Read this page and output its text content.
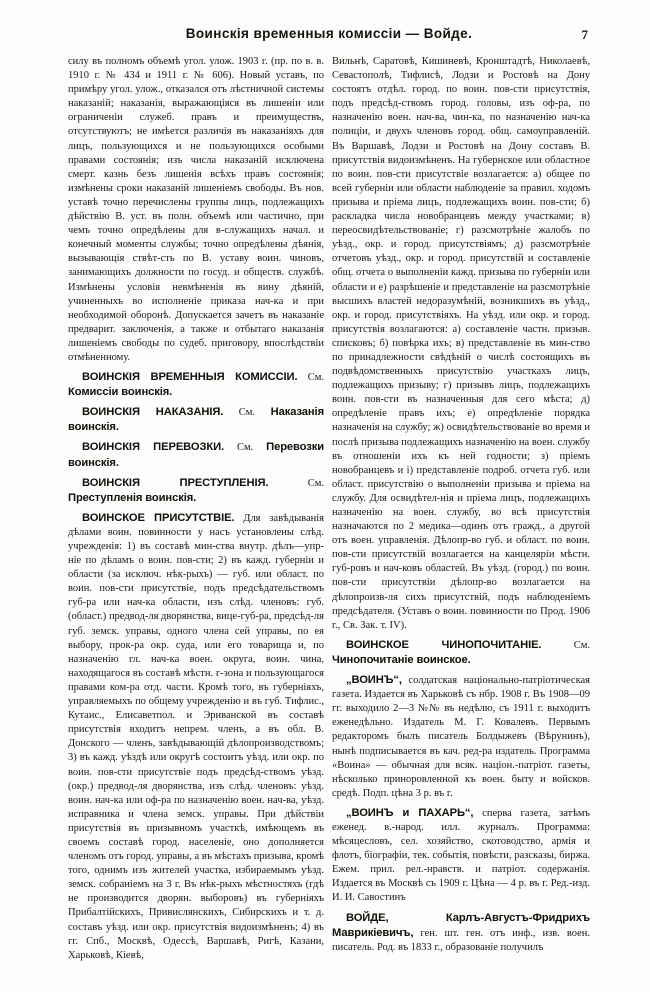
Воинскія временныя комиссіи — Войде.	7

силу въ полномъ объемѣ угол. улож. 1903 г. (пр. по в. в. 1910 г. № 434 и 1911 г. № 606). Новый уставъ, по примѣру угол. улож., отказался отъ лѣстничной системы наказаній; наказанія, выражающіяся въ лишеніи или ограниченіи служеб. правъ и преимуществъ, отсутствуютъ; не имѣется различія въ наказаніяхъ для лицъ, пользующихся и не пользующихся особыми правами состоянія; изъ числа наказаній исключена смерт. казнь безъ лишенія всѣхъ правъ состоянія; измѣнены сроки наказаній лишеніемъ свободы. Въ нов. уставѣ точно перечислены группы лицъ, подлежащихъ дѣйствію В. уст. въ полн. объемѣ или частично, при чемъ точно опредѣлены для в-служащихъ начал. и конечный моменты службы; точно опредѣлены дѣянія, вызывающія ствѣт-сть по В. уставу воин. чиновъ, занимающихъ должности по госуд. и обществ. службѣ. Измѣнены условія невмѣненія въ вину дѣяній, учиненныхъ во исполненіе приказа нач-ка и при необходимой оборонѣ. Допускается зачетъ въ наказаніе предварит. заключенія, а также и отбытаго наказанія лишеніемъ свободы по судеб. приговору, впослѣдствіи отмѣненному.

ВОИНСКІЯ ВРЕМЕННЫЯ КОМИССІИ. См. Комиссіи воинскія.

ВОИНСКІЯ НАКАЗАНІЯ. См. Наказанія воинскія.

ВОИНСКІЯ ПЕРЕВОЗКИ. См. Перевозки воинскія.

ВОИНСКІЯ ПРЕСТУПЛЕНІЯ. См. Преступленія воинскія.

ВОИНСКОЕ ПРИСУТСТВІЕ. Для завѣдыванія дѣлами воин. повинности у насъ установлены слѣд. учрежденія: 1) въ составѣ мин-ства внутр. дѣлъ—упр-ніе по дѣламъ о воин. пов-сти; 2) въ кажд. губерніи и области (за исключ. нѣк-рыхъ) — губ. или област. по воин. пов-сти присутствіе, подъ предсѣдательствомъ губ-ра или нач-ка области, изъ слѣд. членовъ: губ. (област.) предвод-ля дворянства, вице-губ-ра, предсѣд-ля губ. земск. управы, одного члена сей управы, по ея выбору, прок-ра окр. суда, или его товарища и, по назначенію гл. нач-ка воен. округа, воин. чина, находящагося въ составѣ мѣстн. г-зона и пользующагося правами ком-ра отд. части. Кромѣ того, въ губерніяхъ, управляемыхъ по общему учрежденію и въ губ. Тифлис., Кутаис., Елисаветпол. и Эриванской въ составѣ присутствія входитъ непрем. членъ, а въ обл. В. Донского — членъ, завѣдывающій дѣлопроизводствомъ; 3) въ кажд. уѣздѣ или округѣ состоитъ уѣзд. или окр. по воин. пов-сти присутствіе подъ предсѣд-ствомъ уѣзд. (окр.) предвод-ля дворянства, изъ слѣд. членовъ: уѣзд. воин. нач-ка или оф-ра по назначенію воен. нач-ва, уѣзд. исправника и члена земск. управы. При дѣйствіи присутствія въ призывномъ участкѣ, имѣющемъ въ своемъ составѣ город. населеніе, оно дополняется членомъ отъ город. управы, а въ мѣстахъ призыва, кромѣ того, однимъ изъ жителей участка, избираемымъ уѣзд. земск. собраніемъ на 3 г. Въ нѣк-рыхъ мѣстностяхъ (гдѣ не производится дворян. выборовъ) въ губерніяхъ Прибалтійскихъ, Привислянскихъ, Сибирскихъ и т. д. составъ уѣзд. или окр. присутствія видоизмѣненъ; 4) въ гг. Спб., Москвѣ, Одессѣ, Варшавѣ, Ригѣ, Казани, Харьковѣ, Кіевѣ,

Вильнѣ, Саратовѣ, Кишиневѣ, Кронштадтѣ, Николаевѣ, Севастополѣ, Тифлисѣ, Лодзи и Ростовѣ на Дону состоятъ отдѣл. город. по воин. пов-сти присутствія, подъ предсѣд-ствомъ город. головы, изъ оф-ра, по назначенію воен. нач-ва, чин-ка, по назначенію нач-ка полиціи, и двухъ членовъ город. общ. самоуправленій. Въ Варшавѣ, Лодзи и Ростовѣ на Дону составъ В. присутствія видоизмѣненъ. На губернское или областное по воин. пов-сти присутствіе возлагается: а) общее по всей губерніи или области наблюденіе за правил. ходомъ призыва и пріема лицъ, подлежащихъ воин. пов-сти; б) раскладка числа новобранцевъ между участками; в) переосвидѣтельствованіе; г) разсмотрѣніе жалобъ по уѣзд., окр. и город. присутствіямъ; д) разсмотрѣніе отчетовъ уѣзд., окр. и город. присутствій и составленіе общ. отчета о выполненіи кажд. призыва по губерніи или области и е) разрѣшеніе и представленіе на разсмотрѣніе высшихъ властей недоразумѣній, возникшихъ въ уѣзд., окр. и город. присутствіяхъ. На уѣзд. или окр. и город. присутствія возлагаются: а) составленіе частн. призыв. списковъ; б) повѣрка ихъ; в) представленіе въ мин-ство по принадлежности свѣдѣній о числѣ состоящихъ въ подвѣдомственныхъ присутствію участкахъ лицъ, подлежащихъ призыву; г) призывъ лицъ, подлежащихъ воин. пов-сти въ назначенныя для сего мѣста; д) опредѣленіе правъ ихъ; е) опредѣленіе порядка назначенія на службу; ж) освидѣтельствованіе во время и послѣ призыва подлежащихъ назначенію на воен. службу въ отношеніи ихъ къ ней годности; з) пріемъ новобранцевъ и і) представленіе подроб. отчета губ. или област. присутствію о выполненіи призыва и пріема на службу. Для освидѣтел-нія и пріема лицъ, подлежащихъ назначенію на воен. службу, во всѣ присутствія назначаются по 2 медика—одинъ отъ гражд., а другой отъ воен. управленія. Дѣлопр-во губ. и област. по воин. пов-сти присутствій возлагается на канцеляріи мѣстн. губ-ровъ и нач-ковъ областей. Въ уѣзд. (город.) по воин. пов-сти присутствіи дѣлопр-во возлагается на дѣлопроизв-ля сихъ присутствій, подъ наблюденіемъ предсѣдателя. (Уставъ о воин. повинности по Прод. 1906 г., Св. Зак. т. IV).

ВОИНСКОЕ ЧИНОПОЧИТАНІЕ. См. Чинопочитаніе воинское.

„ВОИНЪ“, солдатская національно-патріотическая газета. Издается въ Харьковѣ съ нбр. 1908 г. Въ 1908—09 гг. выходило 2—3 №№ въ недѣлю, съ 1911 г. выходитъ еженедѣльно. Издатель М. Г. Ковалевъ. Первымъ редакторомъ былъ писатель Болдыжевъ (Вѣрунинъ), нынѣ подписывается въ кач. ред-ра издатель. Программа «Воина» — обычная для всяк. націон.-патріот. газеты, нѣсколько приноровленной къ воен. быту и войсков. средѣ. Подп. цѣна 3 р. въ г.

„ВОИНЪ и ПАХАРЬ“, сперва газета, затѣмъ еженед. в.-народ. илл. журналъ. Программа: мѣсяцесловъ, сел. хозяйство, скотоводство, армія и флотъ, біографіи, тек. событія, повѣсти, разсказы, биржа. Ежем. прил. рел.-нравств. и патріот. содержанія. Издается въ Москвѣ съ 1909 г. Цѣна — 4 р. въ г. Ред.-изд. И. И. Савостинъ

ВОЙДЕ, Карлъ-Августъ-Фридрихъ Маврикіевичъ, ген. шт. ген. отъ инф., изв. воен. писатель. Род. въ 1833 г., образованіе получилъ
